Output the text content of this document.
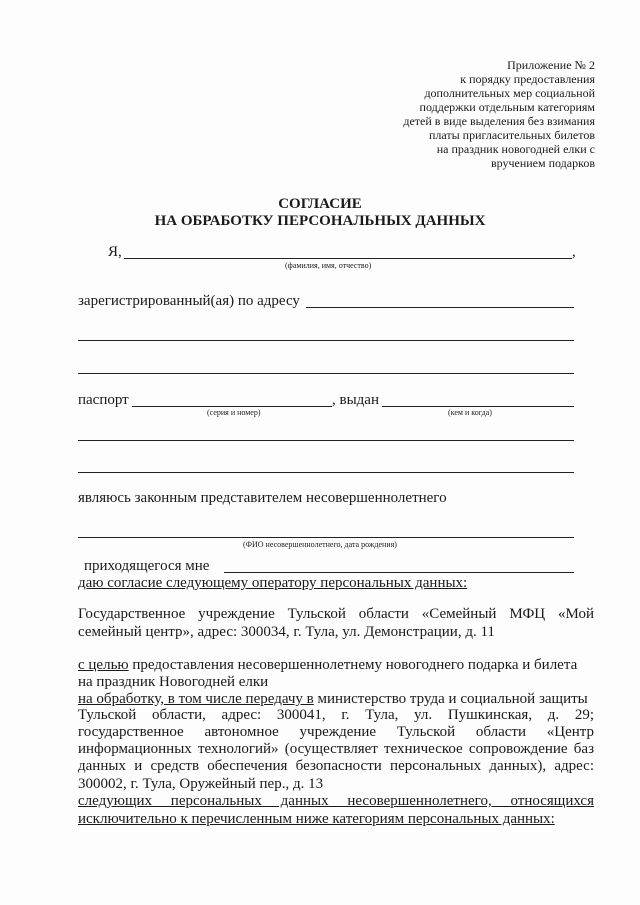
Приложение № 2
к порядку предоставления
дополнительных мер социальной
поддержки отдельным категориям
детей в виде выделения без взимания
платы пригласительных билетов
на праздник новогодней елки с
вручением подарков
СОГЛАСИЕ
НА ОБРАБОТКУ ПЕРСОНАЛЬНЫХ ДАННЫХ
Я,	,
(фамилия, имя, отчество)
зарегистрированный(ая) по адресу
паспорт	, выдан
(серия и номер)	(кем и когда)
являюсь законным представителем несовершеннолетнего
(ФИО несовершеннолетнего, дата рождения)
приходящегося мне
даю согласие следующему оператору персональных данных:
Государственное учреждение Тульской области «Семейный МФЦ «Мой
семейный центр», адрес: 300034, г. Тула, ул. Демонстрации, д. 11
с целью предоставления несовершеннолетнему новогоднего подарка и билета
на праздник Новогодней елки
на обработку, в том числе передачу в министерство труда и социальной защиты
Тульской области, адрес: 300041, г. Тула, ул. Пушкинская, д. 29;
государственное автономное учреждение Тульской области «Центр
информационных технологий» (осуществляет техническое сопровождение баз
данных и средств обеспечения безопасности персональных данных), адрес:
300002, г. Тула, Оружейный пер., д. 13
следующих персональных данных несовершеннолетнего, относящихся
исключительно к перечисленным ниже категориям персональных данных:
